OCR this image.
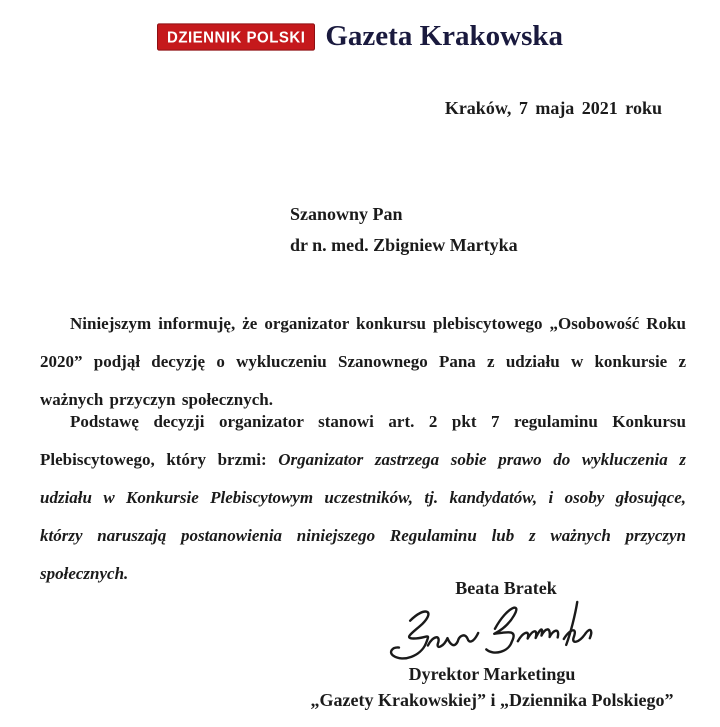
DZIENNIK POLSKI Gazeta Krakowska
Kraków, 7 maja 2021 roku
Szanowny Pan
dr n. med. Zbigniew Martyka

Niniejszym informuję, że organizator konkursu plebiscytowego „Osobowość Roku 2020” podjął decyzję o wykluczeniu Szanownego Pana z udziału w konkursie z ważnych przyczyn społecznych.

Podstawę decyzji organizator stanowi art. 2 pkt 7 regulaminu Konkursu Plebiscytowego, który brzmi: Organizator zastrzega sobie prawo do wykluczenia z udziału w Konkursie Plebiscytowym uczestników, tj. kandydatów, i osoby głosujące, którzy naruszają postanowienia niniejszego Regulaminu lub z ważnych przyczyn społecznych.

Beata Bratek
Dyrektor Marketingu
„Gazety Krakowskiej” i „Dziennika Polskiego”
